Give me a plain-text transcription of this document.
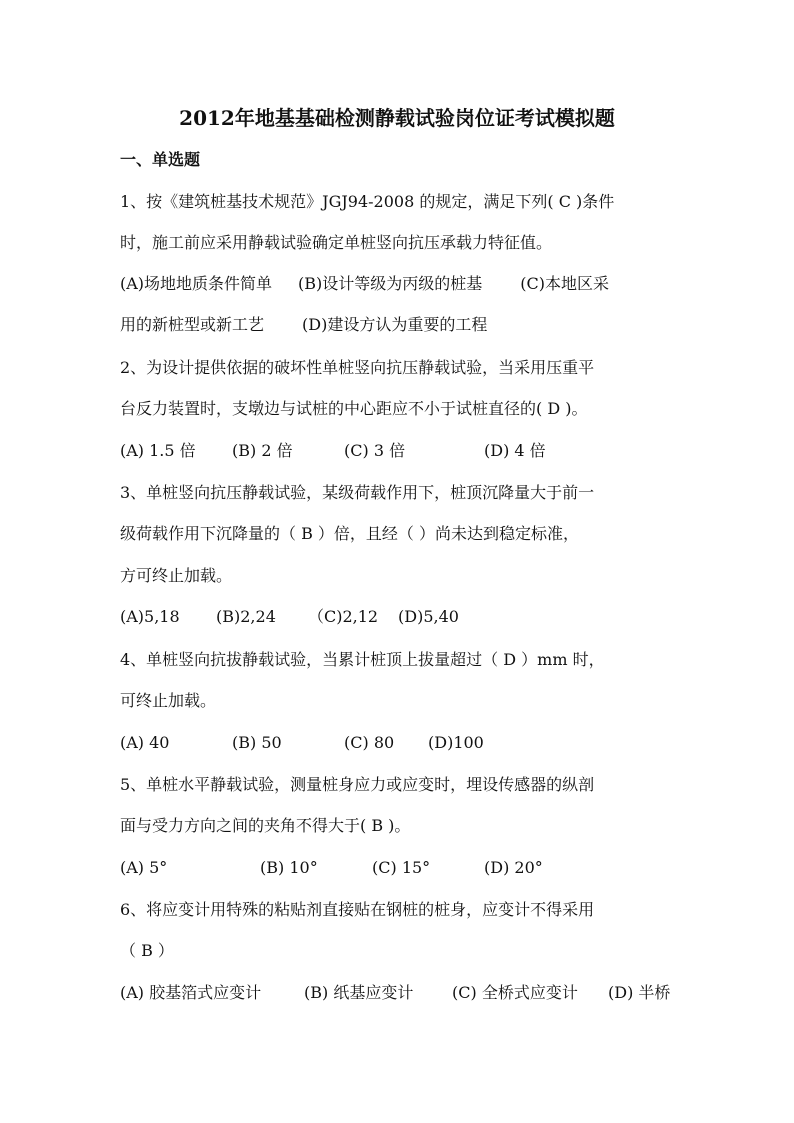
2012年地基基础检测静载试验岗位证考试模拟题
一、单选题
1、按《建筑桩基技术规范》JGJ94-2008 的规定，满足下列( C )条件
时，施工前应采用静载试验确定单桩竖向抗压承载力特征值。
(A)场地地质条件简单 (B)设计等级为丙级的桩基 (C)本地区采
用的新桩型或新工艺 (D)建设方认为重要的工程
2、为设计提供依据的破坏性单桩竖向抗压静载试验，当采用压重平
台反力装置时，支墩边与试桩的中心距应不小于试桩直径的( D )。
(A) 1.5 倍 (B) 2 倍	(C) 3 倍	(D) 4 倍
3、单桩竖向抗压静载试验，某级荷载作用下，桩顶沉降量大于前一
级荷载作用下沉降量的（ B ）倍，且经（ ）尚未达到稳定标准，
方可终止加载。
(A)5,18 (B)2,24 （C)2,12 (D)5,40
4、单桩竖向抗拔静载试验，当累计桩顶上拔量超过（ D ）mm 时，
可终止加载。
(A) 40	(B) 50	(C) 80 (D)100
5、单桩水平静载试验，测量桩身应力或应变时，埋设传感器的纵剖
面与受力方向之间的夹角不得大于( B )。
(A) 5°	(B) 10°	(C) 15°	(D) 20°
6、将应变计用特殊的粘贴剂直接贴在钢桩的桩身，应变计不得采用
（ B ）
(A) 胶基箔式应变计	(B) 纸基应变计 (C) 全桥式应变计 (D) 半桥
